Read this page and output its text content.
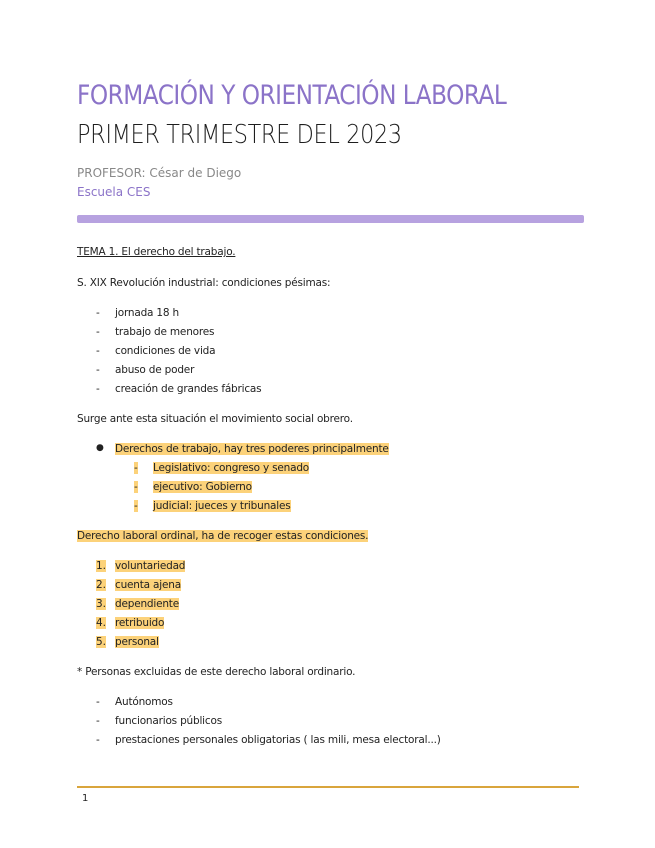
FORMACIÓN Y ORIENTACIÓN LABORAL
PRIMER TRIMESTRE DEL 2023
PROFESOR: César de Diego
Escuela CES
TEMA 1. El derecho del trabajo.
S. XIX Revolución industrial: condiciones pésimas:
- jornada 18 h
- trabajo de menores
- condiciones de vida
- abuso de poder
- creación de grandes fábricas
Surge ante esta situación el movimiento social obrero.
● Derechos de trabajo, hay tres poderes principalmente
- Legislativo: congreso y senado
- ejecutivo: Gobierno
- judicial: jueces y tribunales
Derecho laboral ordinal, ha de recoger estas condiciones.
1. voluntariedad
2. cuenta ajena
3. dependiente
4. retribuido
5. personal
* Personas excluidas de este derecho laboral ordinario.
- Autónomos
- funcionarios públicos
- prestaciones personales obligatorias ( las mili, mesa electoral...)
1
